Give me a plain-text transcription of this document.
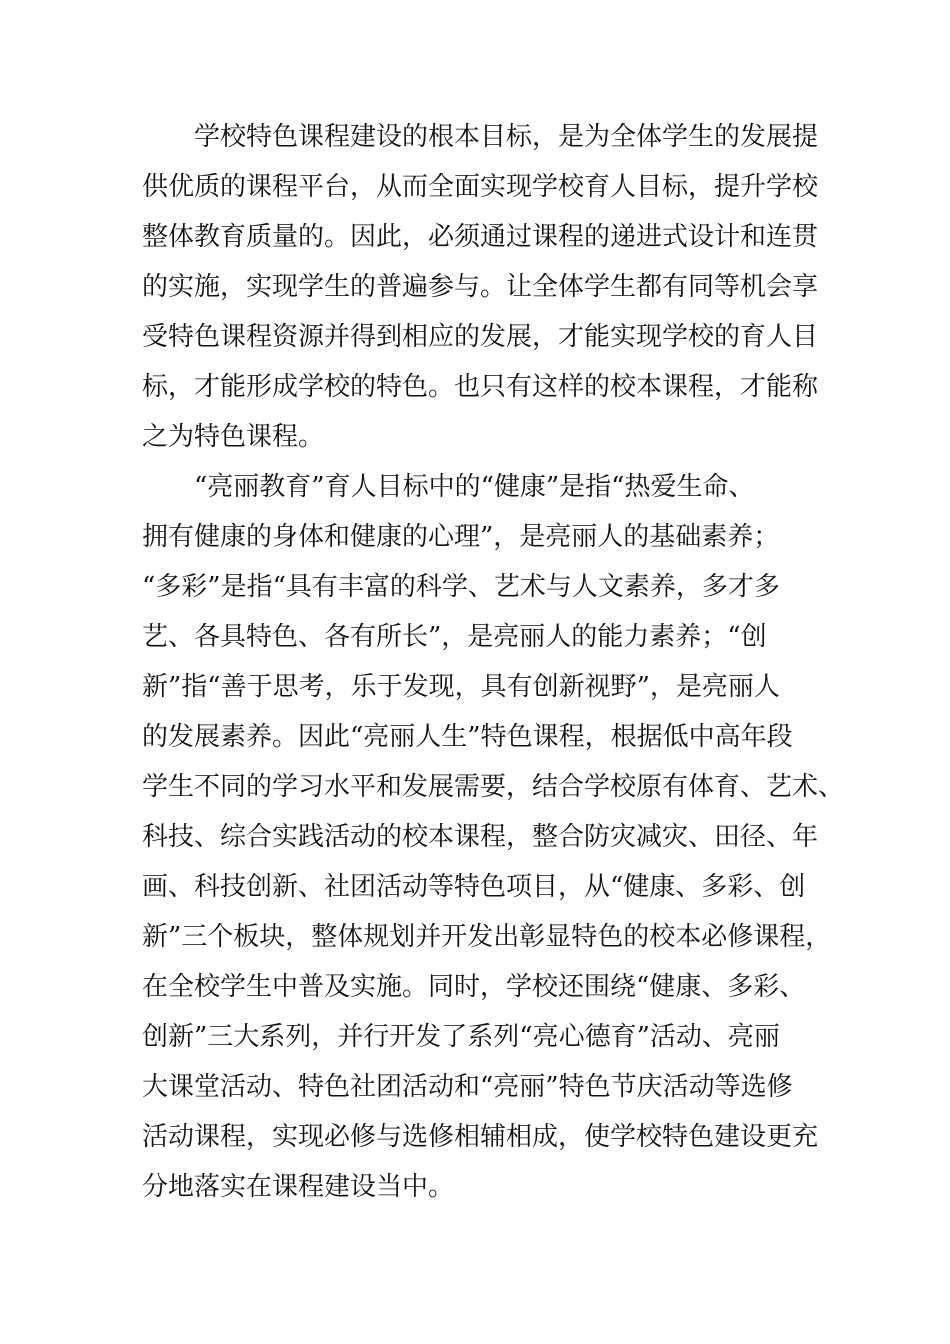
　　学校特色课程建设的根本目标，是为全体学生的发展提
供优质的课程平台，从而全面实现学校育人目标，提升学校
整体教育质量的。因此，必须通过课程的递进式设计和连贯
的实施，实现学生的普遍参与。让全体学生都有同等机会享
受特色课程资源并得到相应的发展，才能实现学校的育人目
标，才能形成学校的特色。也只有这样的校本课程，才能称
之为特色课程。
　　“亮丽教育”育人目标中的“健康”是指“热爱生命、
拥有健康的身体和健康的心理”，是亮丽人的基础素养；
“多彩”是指“具有丰富的科学、艺术与人文素养，多才多
艺、各具特色、各有所长”，是亮丽人的能力素养；“创
新”指“善于思考，乐于发现，具有创新视野”，是亮丽人
的发展素养。因此“亮丽人生”特色课程，根据低中高年段
学生不同的学习水平和发展需要，结合学校原有体育、艺术、
科技、综合实践活动的校本课程，整合防灾减灾、田径、年
画、科技创新、社团活动等特色项目，从“健康、多彩、创
新”三个板块，整体规划并开发出彰显特色的校本必修课程，
在全校学生中普及实施。同时，学校还围绕“健康、多彩、
创新”三大系列，并行开发了系列“亮心德育”活动、亮丽
大课堂活动、特色社团活动和“亮丽”特色节庆活动等选修
活动课程，实现必修与选修相辅相成，使学校特色建设更充
分地落实在课程建设当中。
